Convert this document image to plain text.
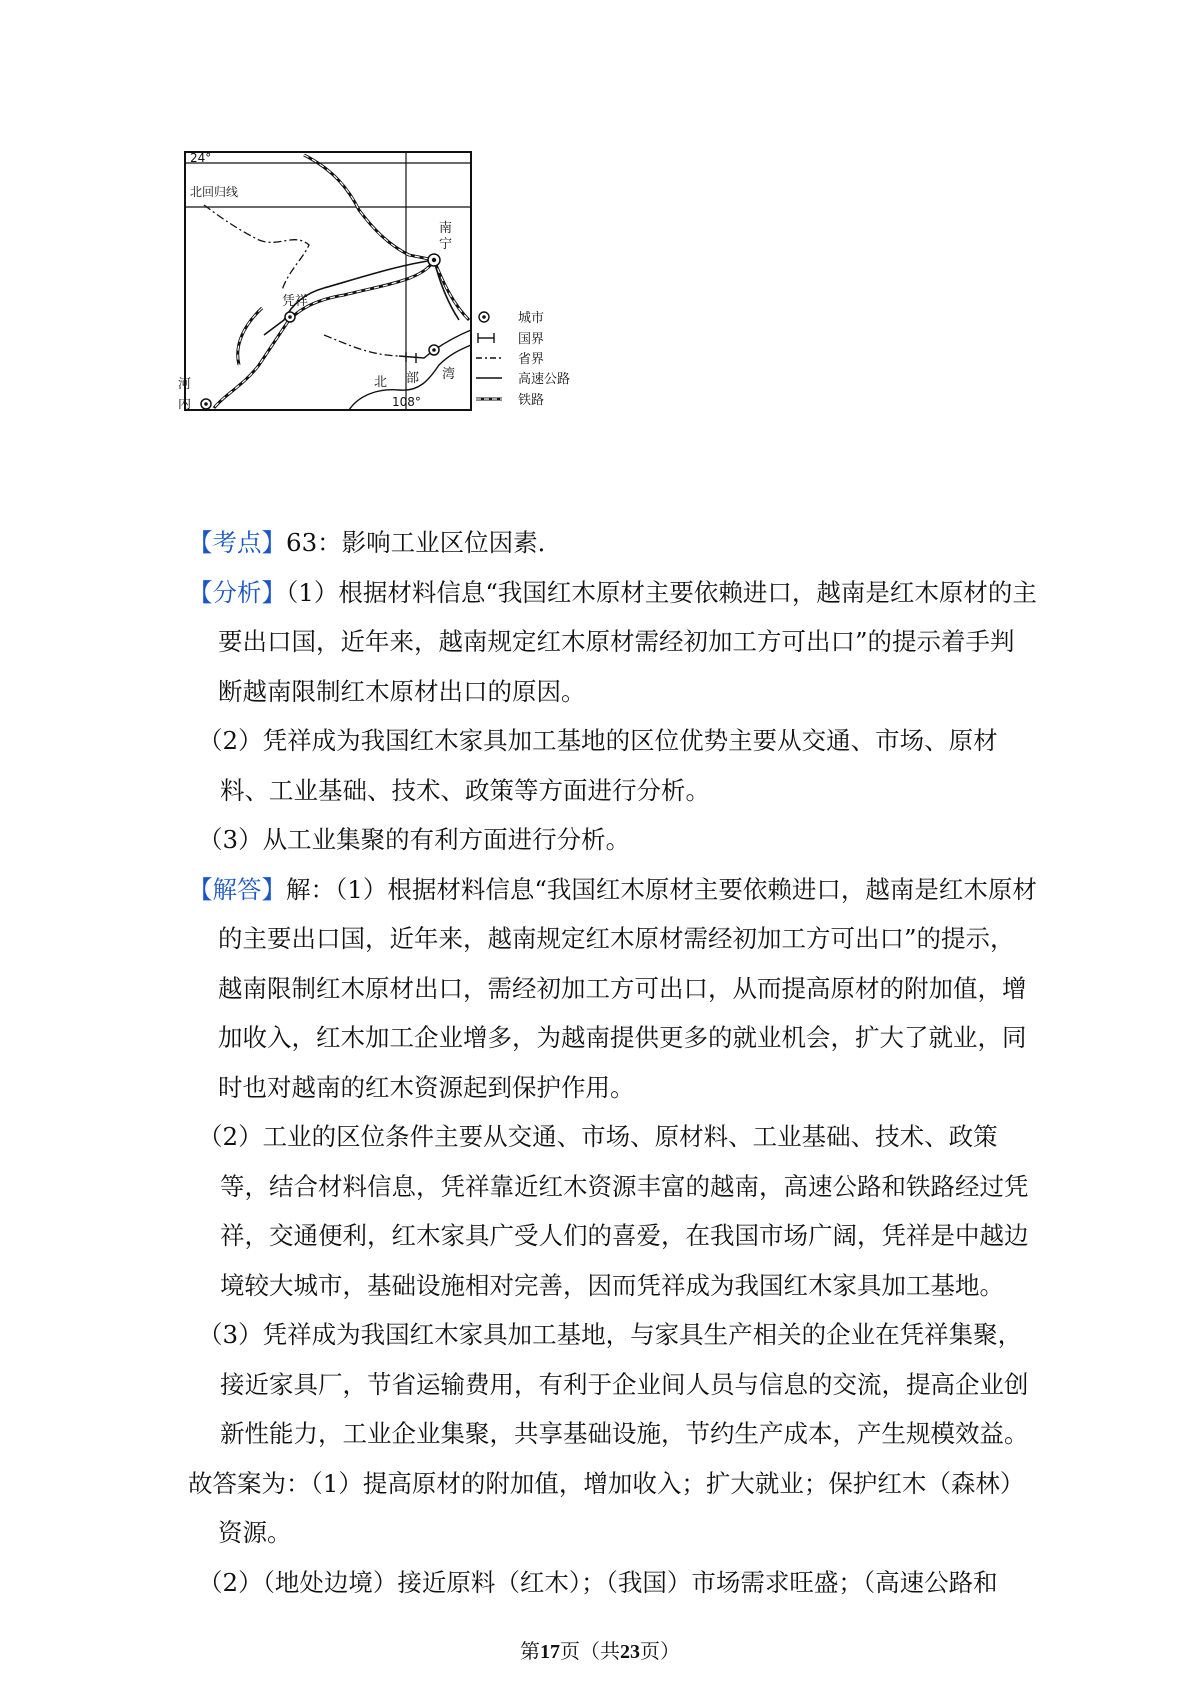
24°
北回归线
南
宁
凭祥
河
内
北 部 湾
108°
城市
国界
省界
高速公路
铁路

【考点】63：影响工业区位因素．

【分析】（1）根据材料信息“我国红木原材主要依赖进口，越南是红木原材的主要出口国，近年来，越南规定红木原材需经初加工方可出口”的提示着手判断越南限制红木原材出口的原因。

（2）凭祥成为我国红木家具加工基地的区位优势主要从交通、市场、原材料、工业基础、技术、政策等方面进行分析。

（3）从工业集聚的有利方面进行分析。

【解答】解：（1）根据材料信息“我国红木原材主要依赖进口，越南是红木原材的主要出口国，近年来，越南规定红木原材需经初加工方可出口”的提示，越南限制红木原材出口，需经初加工方可出口，从而提高原材的附加值，增加收入，红木加工企业增多，为越南提供更多的就业机会，扩大了就业，同时也对越南的红木资源起到保护作用。

（2）工业的区位条件主要从交通、市场、原材料、工业基础、技术、政策等，结合材料信息，凭祥靠近红木资源丰富的越南，高速公路和铁路经过凭祥，交通便利，红木家具广受人们的喜爱，在我国市场广阔，凭祥是中越边境较大城市，基础设施相对完善，因而凭祥成为我国红木家具加工基地。

（3）凭祥成为我国红木家具加工基地，与家具生产相关的企业在凭祥集聚，接近家具厂，节省运输费用，有利于企业间人员与信息的交流，提高企业创新性能力，工业企业集聚，共享基础设施，节约生产成本，产生规模效益。

故答案为：（1）提高原材的附加值，增加收入；扩大就业；保护红木（森林）资源。

（2）（地处边境）接近原料（红木）；（我国）市场需求旺盛；（高速公路和

第17页（共23页）
